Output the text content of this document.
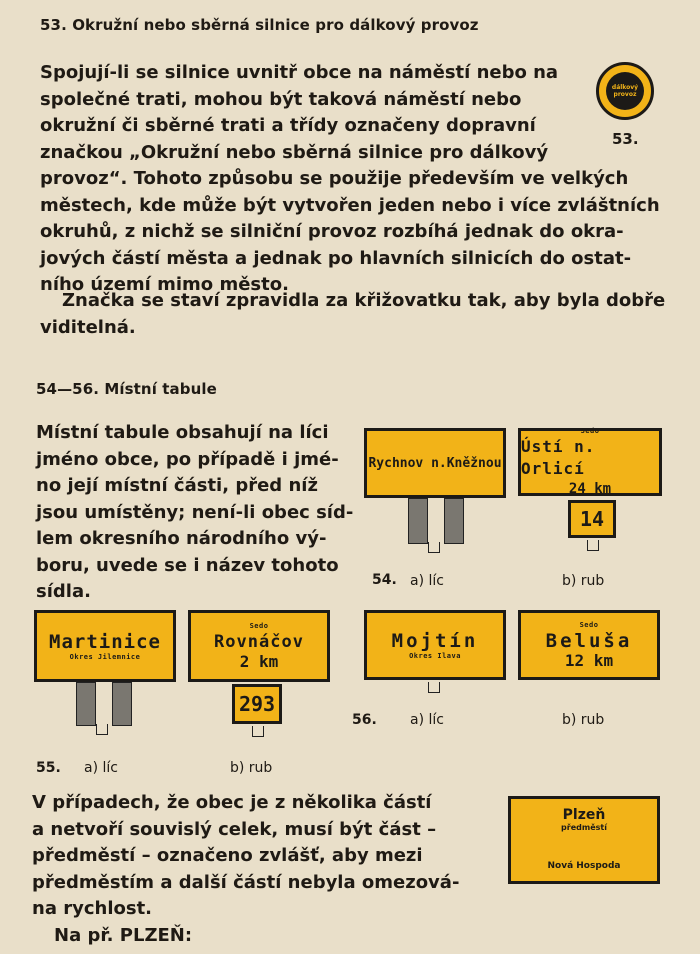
53. Okružní nebo sběrná silnice pro dálkový provoz

Spojují-li se silnice uvnitř obce na náměstí nebo na

společné trati, mohou být taková náměstí nebo

okružní či sběrné trati a třídy označeny dopravní

značkou „Okružní nebo sběrná silnice pro dálkový

provoz“. Tohoto způsobu se použije především ve velkých

městech, kde může být vytvořen jeden nebo i více zvláštních

okruhů, z nichž se silniční provoz rozbíhá jednak do okra-

jových částí města a jednak po hlavních silnicích do ostat-

ního území mimo město.

Značka se staví zpravidla za křižovatku tak, aby byla dobře

viditelná.

dálkový
provoz
53.
54—56. Místní tabule

Místní tabule obsahují na líci

jméno obce, po případě i jmé-

no její místní části, před níž

jsou umístěny; není-li obec síd-

lem okresního národního vý-

boru, uvede se i název tohoto

sídla.

Rychnov n.Kněžnou
Sedo
Ústí n. Orlicí
24 km
14
54. a) líc	b) rub
Martinice
Okres Jilemnice
Sedo
Rovnáčov
2 km
293
55. a) líc	b) rub
Mojtín
Okres Ilava
Sedo
Beluša
12 km
56. a) líc	b) rub

V případech, že obec je z několika částí

a netvoří souvislý celek, musí být část –

předměstí – označeno zvlášť, aby mezi

předměstím a další částí nebyla omezová-

na rychlost.

Na př. PLZEŇ:

Plzeň
předměstí
Nová Hospoda
